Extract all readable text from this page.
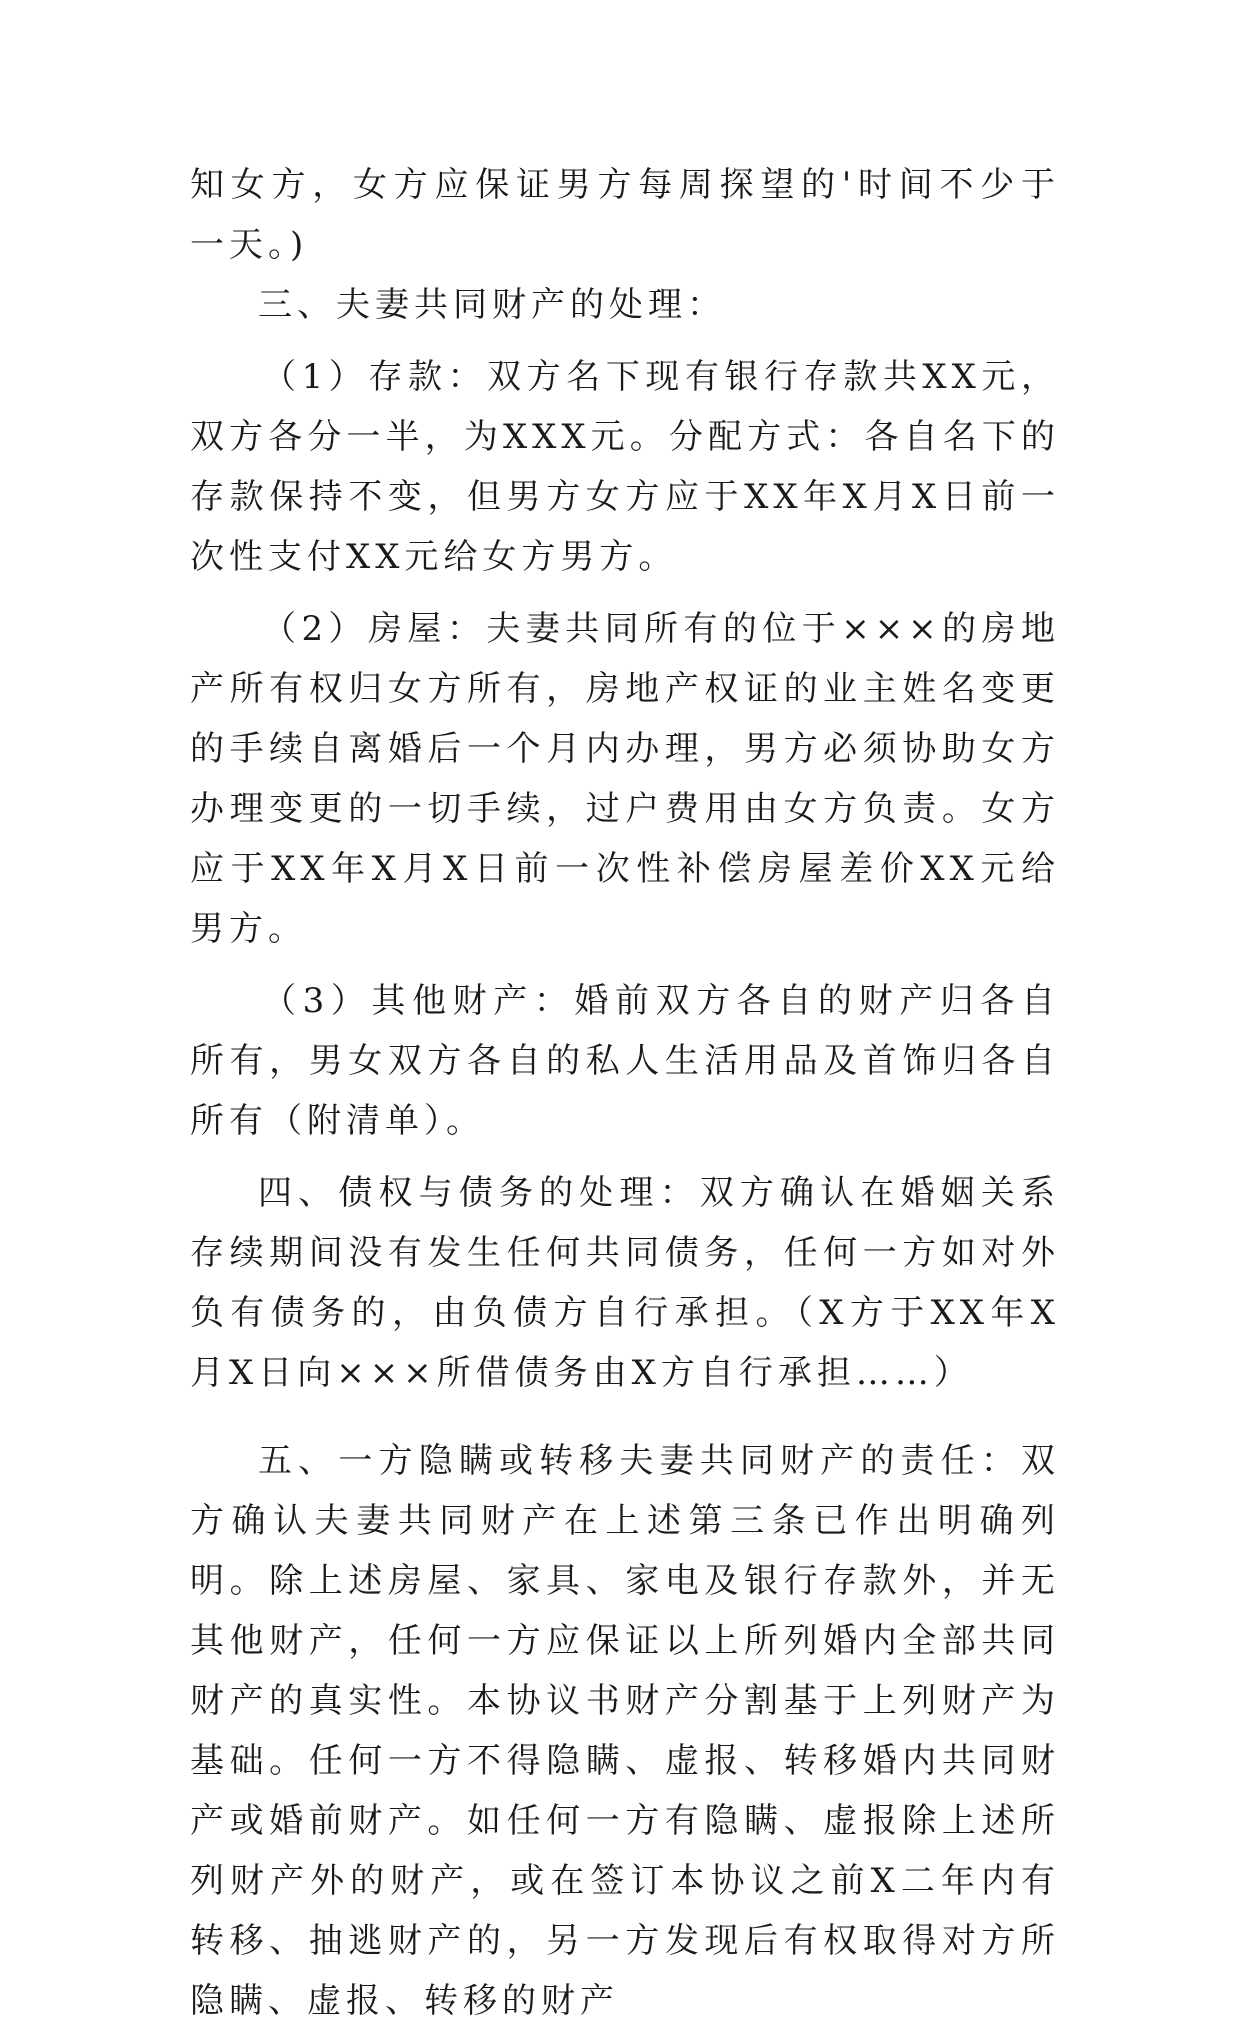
知女方，女方应保证男方每周探望的'时间不少于一天。)

三、夫妻共同财产的处理：

（1）存款：双方名下现有银行存款共XX元，双方各分一半，为XXX元。分配方式：各自名下的存款保持不变，但男方女方应于XX年X月X日前一次性支付XX元给女方男方。

（2）房屋：夫妻共同所有的位于×××的房地产所有权归女方所有，房地产权证的业主姓名变更的手续自离婚后一个月内办理，男方必须协助女方办理变更的一切手续，过户费用由女方负责。女方应于XX年X月X日前一次性补偿房屋差价XX元给男方。

（3）其他财产：婚前双方各自的财产归各自所有，男女双方各自的私人生活用品及首饰归各自所有（附清单）。

四、债权与债务的处理：双方确认在婚姻关系存续期间没有发生任何共同债务，任何一方如对外负有债务的，由负债方自行承担。（X方于XX年X月X日向×××所借债务由X方自行承担……）

五、一方隐瞒或转移夫妻共同财产的责任：双方确认夫妻共同财产在上述第三条已作出明确列明。除上述房屋、家具、家电及银行存款外，并无其他财产，任何一方应保证以上所列婚内全部共同财产的真实性。本协议书财产分割基于上列财产为基础。任何一方不得隐瞒、虚报、转移婚内共同财产或婚前财产。如任何一方有隐瞒、虚报除上述所列财产外的财产，或在签订本协议之前X二年内有转移、抽逃财产的，另一方发现后有权取得对方所隐瞒、虚报、转移的财产
